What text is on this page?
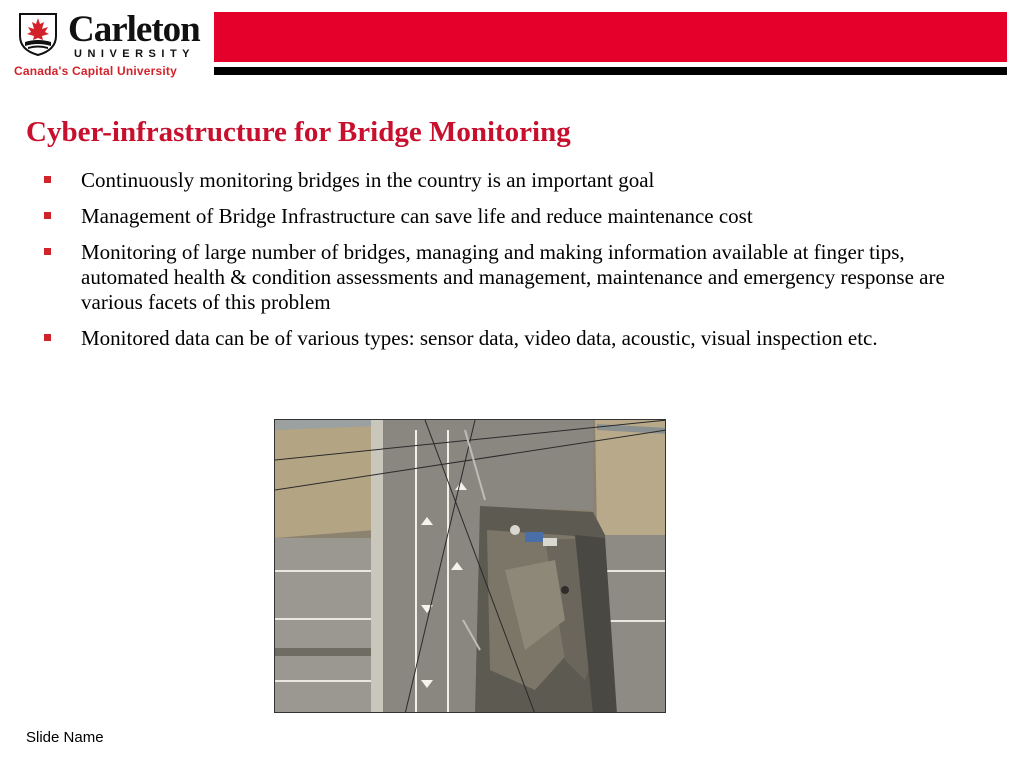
Carleton
UNIVERSITY
Canada's Capital University
Cyber-infrastructure for Bridge Monitoring
Continuously monitoring bridges in the country is an important goal
Management of Bridge Infrastructure can save life and reduce maintenance cost
Monitoring of large number of bridges, managing and making information available at finger tips, automated health & condition assessments and management, maintenance and emergency response are various facets of this problem
Monitored data can be of various types: sensor data, video data, acoustic, visual inspection etc.
Slide Name
